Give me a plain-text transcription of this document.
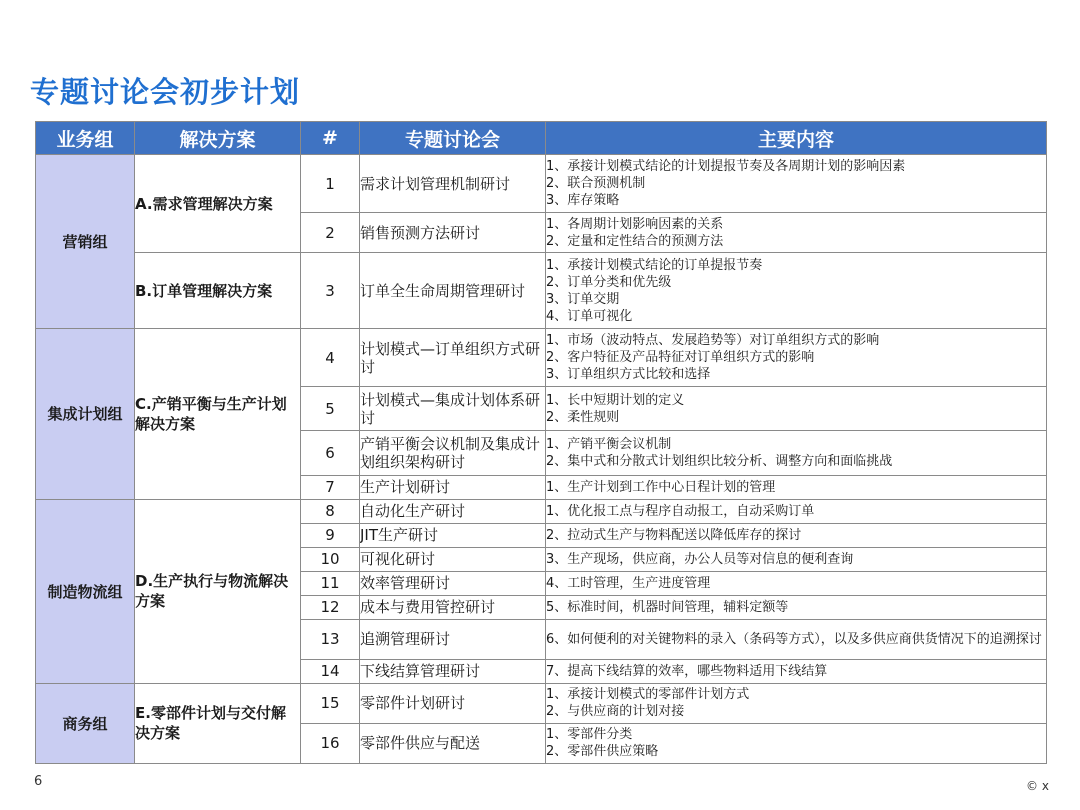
专题讨论会初步计划
业务组	解决方案	#	专题讨论会	主要内容
营销组	A.需求管理解决方案	1	需求计划管理机制研讨	1、承接计划模式结论的计划提报节奏及各周期计划的影响因素
2、联合预测机制
3、库存策略

		2	销售预测方法研讨	1、各周期计划影响因素的关系
2、定量和定性结合的预测方法

	B.订单管理解决方案	3	订单全生命周期管理研讨	1、承接计划模式结论的订单提报节奏
2、订单分类和优先级
3、订单交期
4、订单可视化

集成计划组	C.产销平衡与生产计划解决方案	4	计划模式—订单组织方式研讨	1、市场（波动特点、发展趋势等）对订单组织方式的影响
2、客户特征及产品特征对订单组织方式的影响
3、订单组织方式比较和选择

		5	计划模式—集成计划体系研讨	1、长中短期计划的定义
2、柔性规则

		6	产销平衡会议机制及集成计划组织架构研讨	1、产销平衡会议机制
2、集中式和分散式计划组织比较分析、调整方向和面临挑战

		7	生产计划研讨	1、生产计划到工作中心日程计划的管理

制造物流组	D.生产执行与物流解决方案	8	自动化生产研讨	1、优化报工点与程序自动报工，自动采购订单

		9	JIT生产研讨	2、拉动式生产与物料配送以降低库存的探讨

		10	可视化研讨	3、生产现场，供应商，办公人员等对信息的便利查询

		11	效率管理研讨	4、工时管理，生产进度管理

		12	成本与费用管控研讨	5、标准时间，机器时间管理，辅料定额等

		13	追溯管理研讨	6、如何便利的对关键物料的录入（条码等方式），以及多供应商供货情况下的追溯探讨
		14	下线结算管理研讨	7、提高下线结算的效率，哪些物料适用下线结算

商务组	E.零部件计划与交付解决方案	15	零部件计划研讨	1、承接计划模式的零部件计划方式
2、与供应商的计划对接

		16	零部件供应与配送	1、零部件分类
2、零部件供应策略
6	© x
